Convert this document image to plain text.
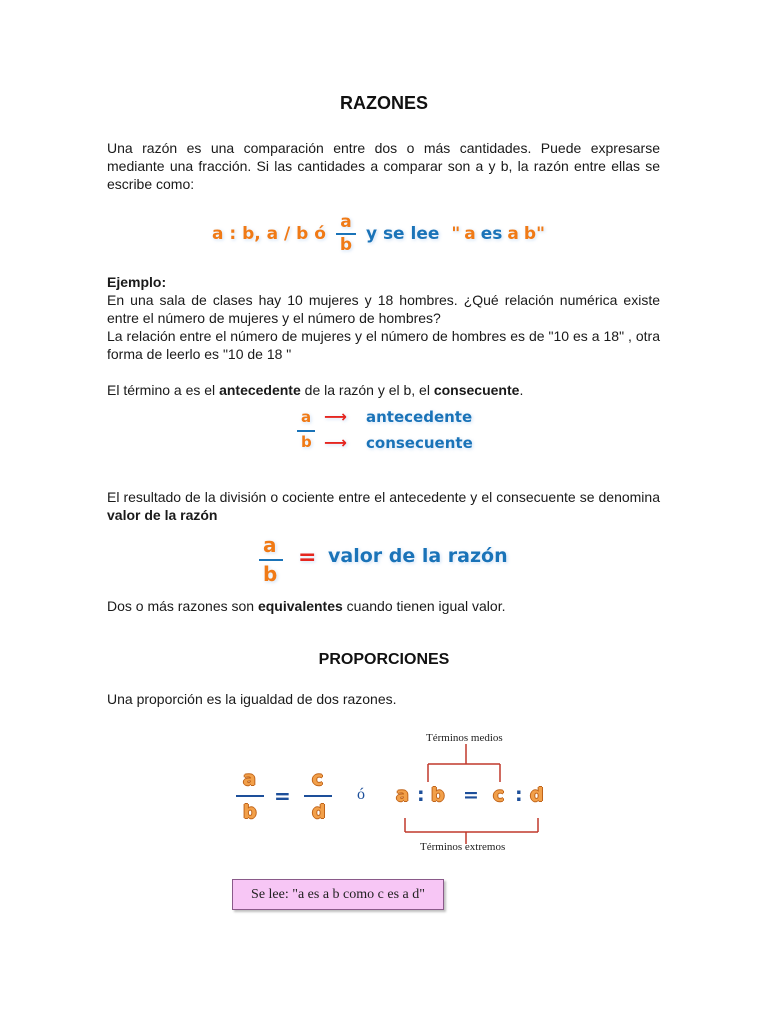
RAZONES
Una razón es una comparación entre dos o más cantidades. Puede expresarse mediante una fracción. Si las cantidades a comparar son a y b, la razón entre ellas se escribe como:
a : b, a / b ó $\frac{a}{b}$ y se lee " a es a b "
Ejemplo:
En una sala de clases hay 10 mujeres y 18 hombres. ¿Qué relación numérica existe entre el número de mujeres y el número de hombres?
La relación entre el número de mujeres y el número de hombres es de "10 es a 18" , otra forma de leerlo es "10 de 18 "
El término a es el antecedente de la razón y el b, el consecuente.
a
b
⟶
⟶
antecedente
consecuente
El resultado de la división o cociente entre el antecedente y el consecuente se denomina valor de la razón
a
b
= valor de la razón
Dos o más razones son equivalentes cuando tienen igual valor.
PROPORCIONES
Una proporción es la igualdad de dos razones.
Términos medios
Términos extremos
a
b
=
c
d
ó a : b = c : d
Se lee: "a es a b como c es a d"
